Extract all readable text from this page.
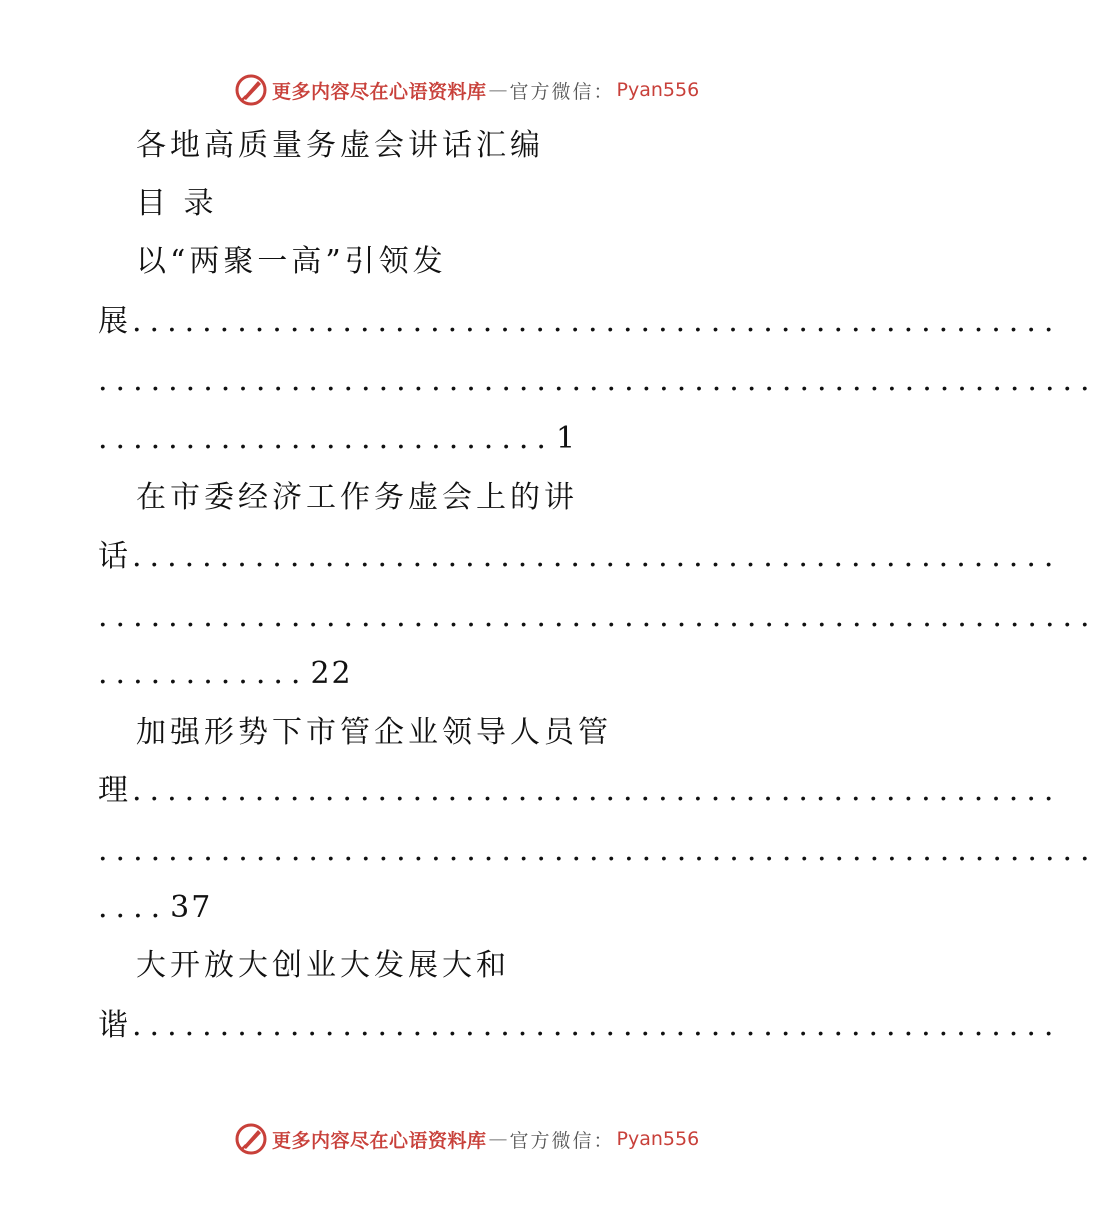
更多内容尽在心语资料库 — 官方微信： Pyan556
各地高质量务虚会讲话汇编
目 录
以“两聚一高”引领发
展 .....................................................
.........................................................
..........................1
在市委经济工作务虚会上的讲
话 .....................................................
.........................................................
............22
加强形势下市管企业领导人员管
理 .....................................................
.........................................................
....37
大开放大创业大发展大和
谐 .....................................................
更多内容尽在心语资料库 — 官方微信： Pyan556
